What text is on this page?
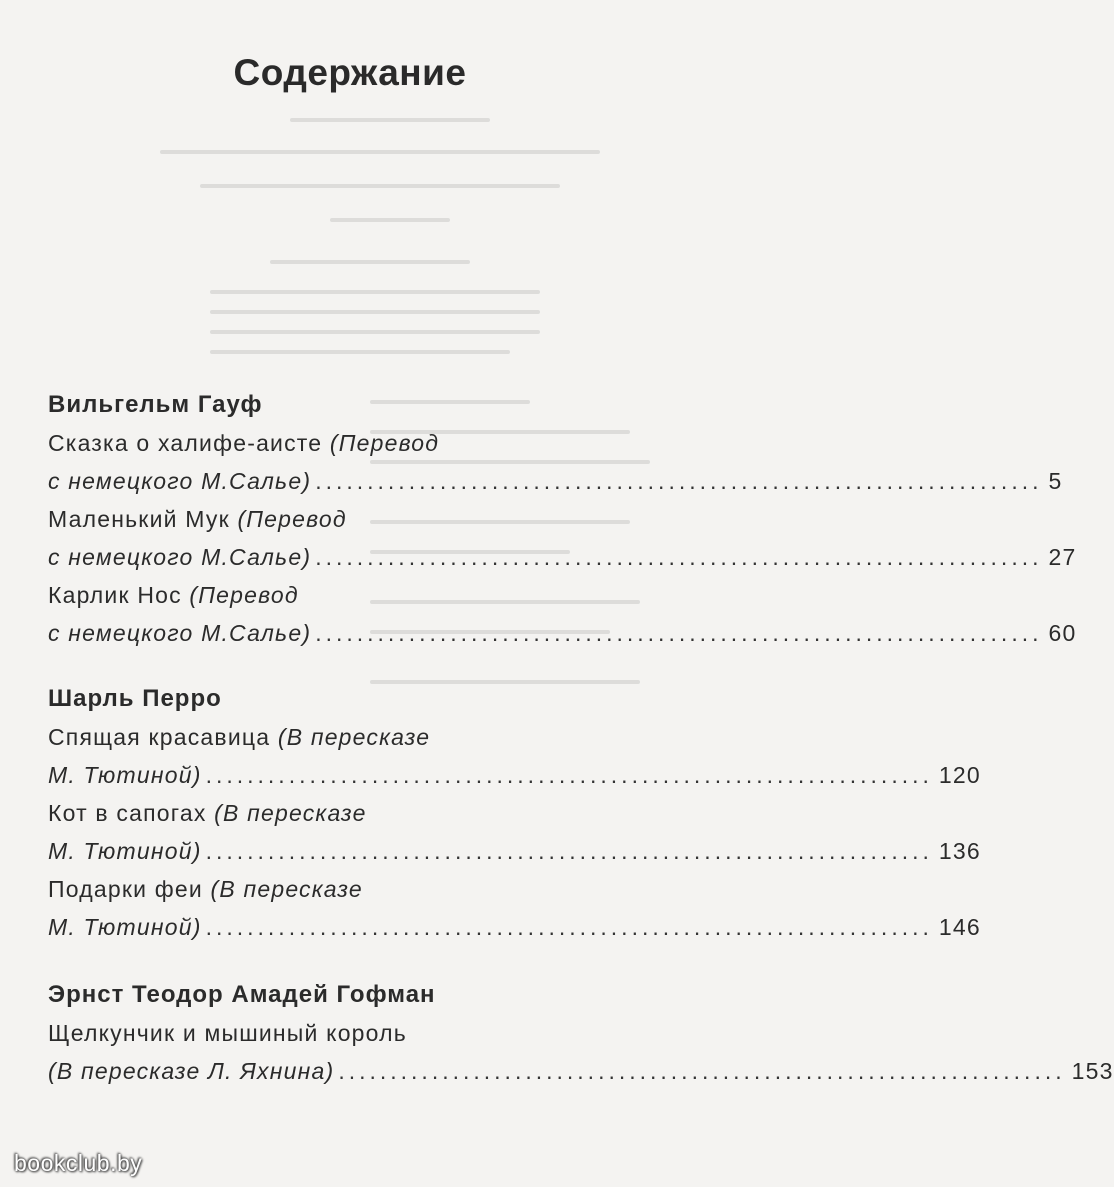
Содержание
Вильгельм Гауф
Сказка о халифе-аисте (Перевод
с немецкого М.Салье) ...................................................................... 5
Маленький Мук (Перевод
с немецкого М.Салье) ...................................................................... 27
Карлик Нос (Перевод
с немецкого М.Салье) ...................................................................... 60
Шарль Перро
Спящая красавица (В пересказе
М. Тютиной) ...................................................................... 120
Кот в сапогах (В пересказе
М. Тютиной) ...................................................................... 136
Подарки феи (В пересказе
М. Тютиной) ...................................................................... 146
Эрнст Теодор Амадей Гофман
Щелкунчик и мышиный король
(В пересказе Л. Яхнина) ...................................................................... 153
bookclub.by
